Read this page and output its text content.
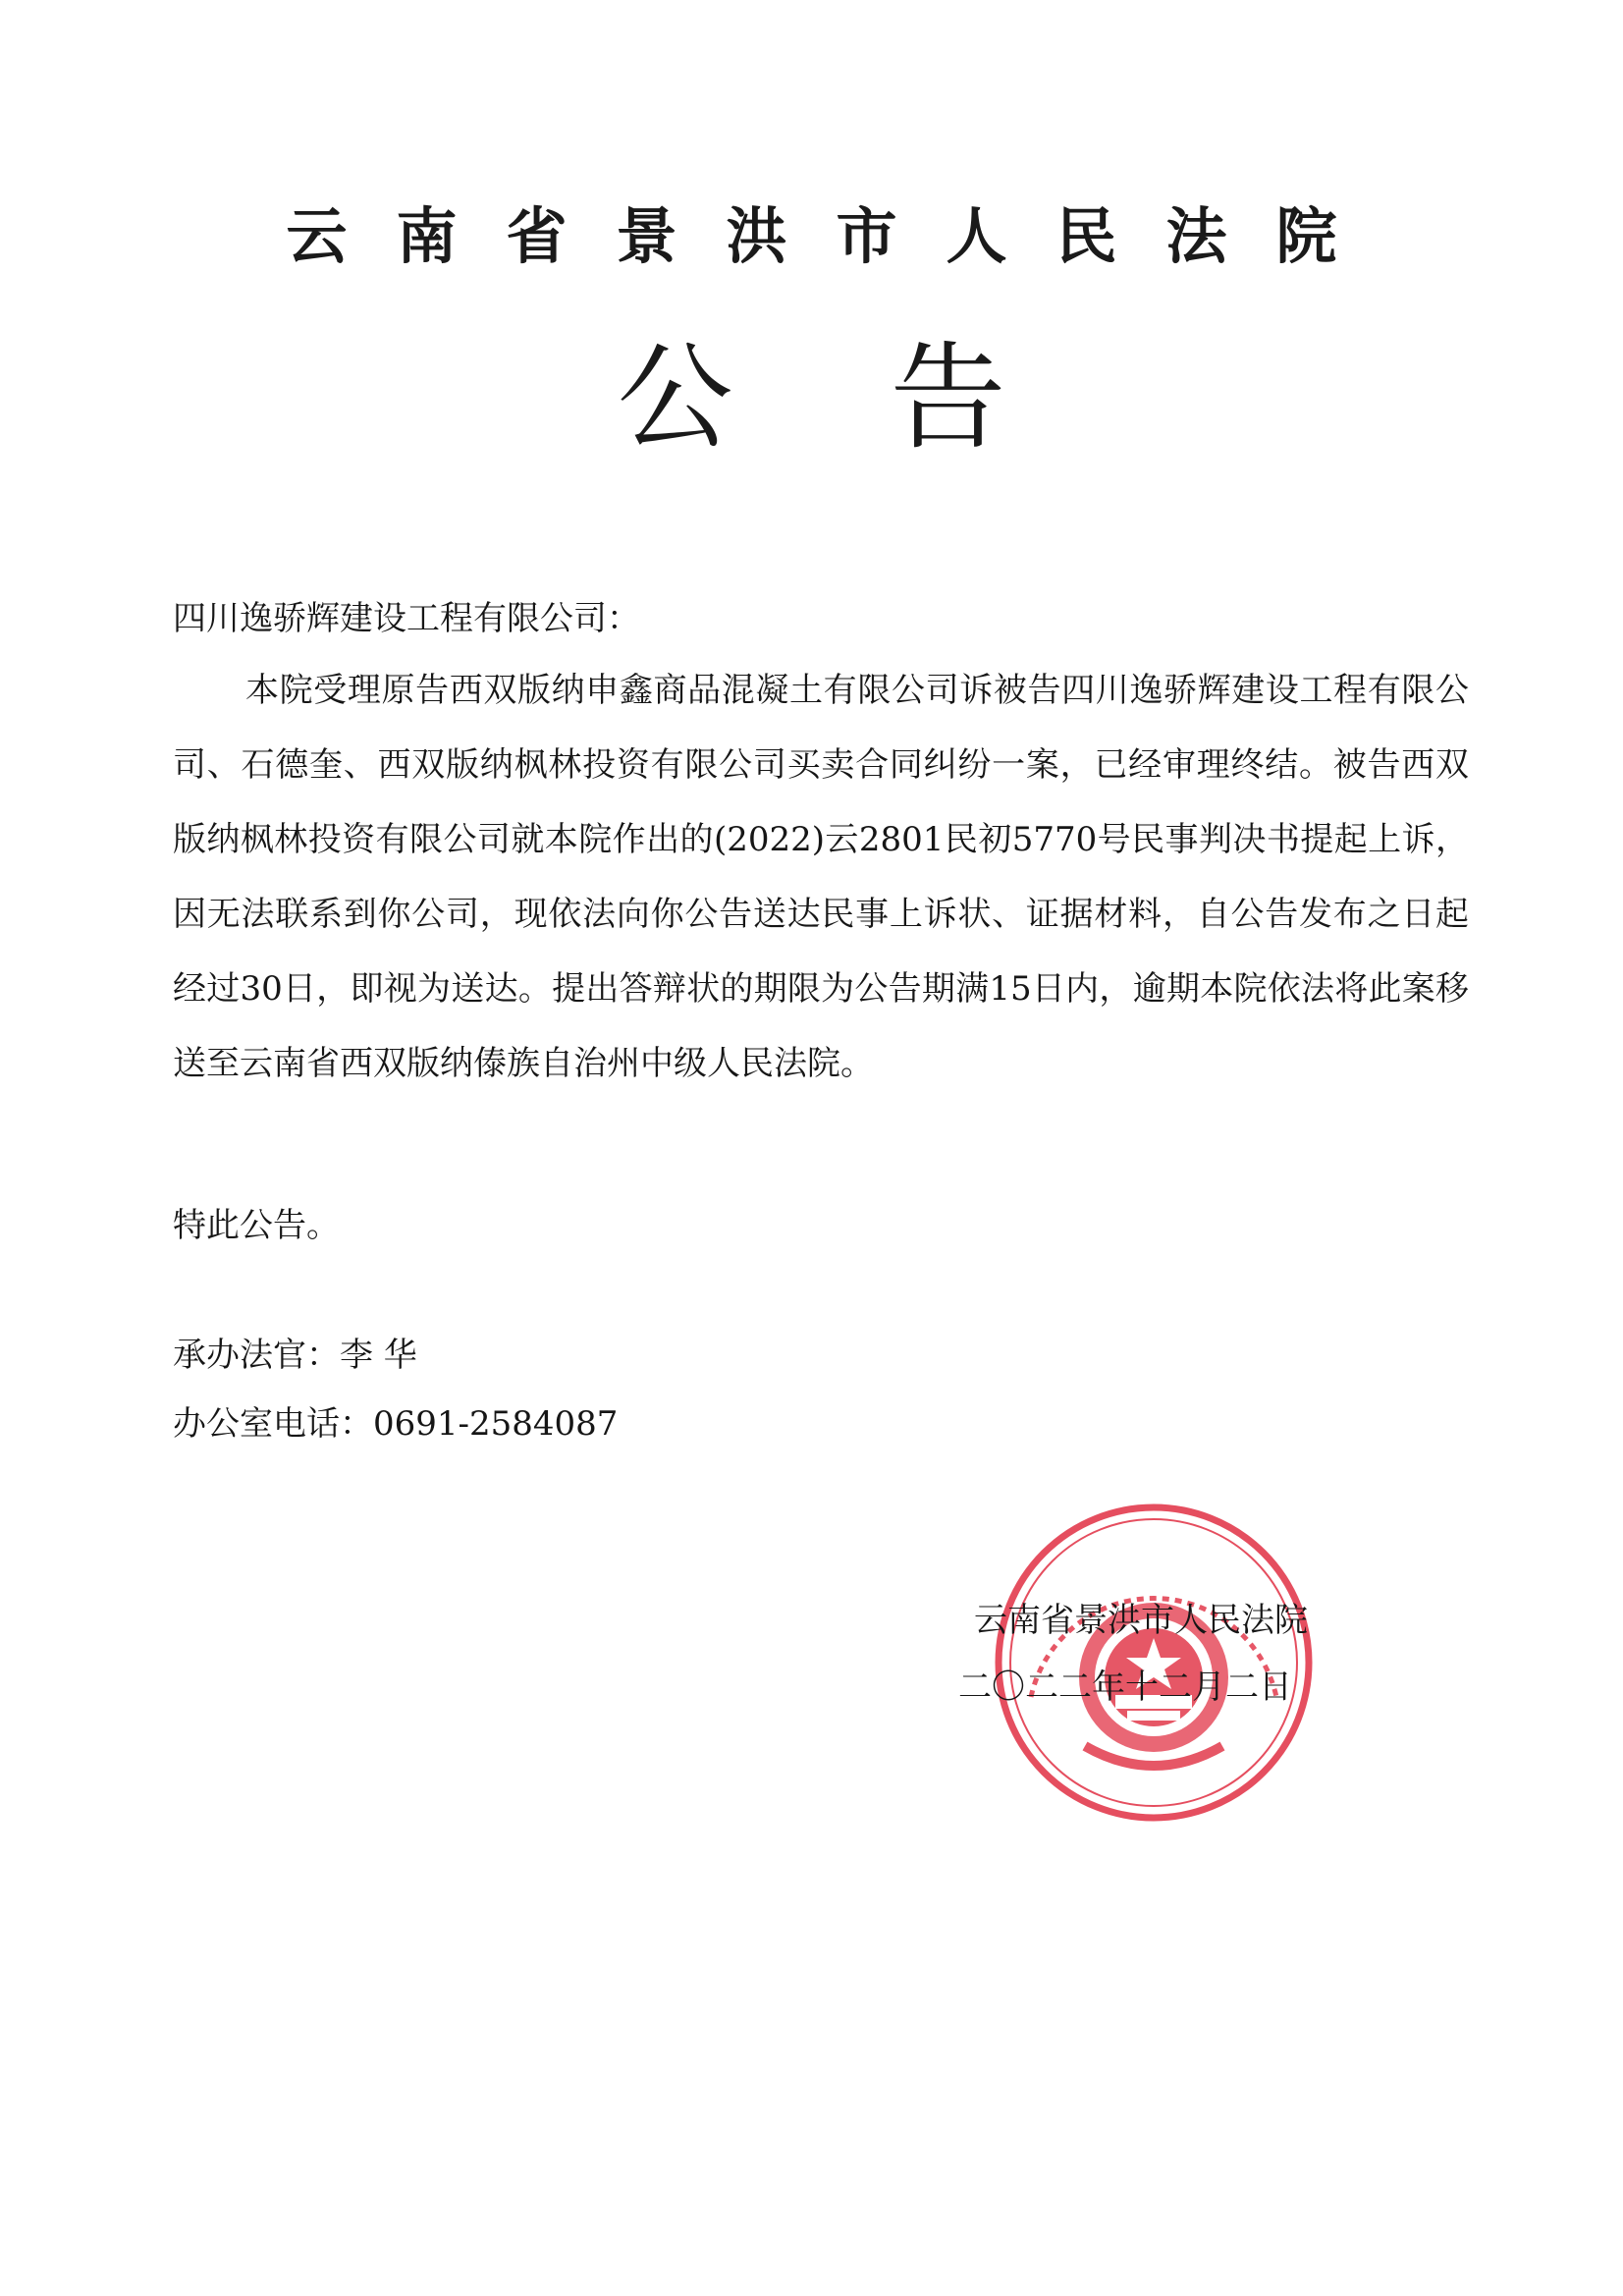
云南省景洪市人民法院
公告
四川逸骄辉建设工程有限公司：

本院受理原告西双版纳申鑫商品混凝土有限公司诉被告四川逸骄辉建设工程有限公司、石德奎、西双版纳枫林投资有限公司买卖合同纠纷一案，已经审理终结。被告西双版纳枫林投资有限公司就本院作出的(2022)云2801民初5770号民事判决书提起上诉，因无法联系到你公司，现依法向你公告送达民事上诉状、证据材料，自公告发布之日起经过30日，即视为送达。提出答辩状的期限为公告期满15日内，逾期本院依法将此案移送至云南省西双版纳傣族自治州中级人民法院。

特此公告。
承办法官：李 华
办公室电话：0691-2584087
云南省景洪市人民法院
二〇二二年十二月二日
